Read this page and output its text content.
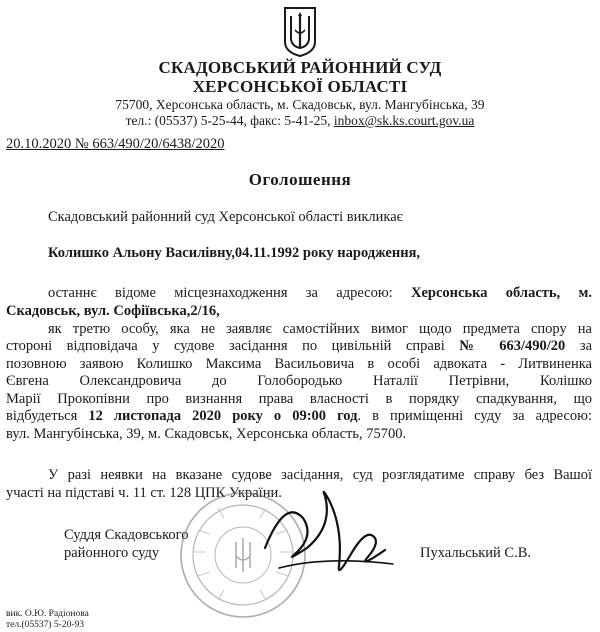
СКАДОВСЬКИЙ РАЙОННИЙ СУД
ХЕРСОНСЬКОЇ ОБЛАСТІ
75700, Херсонська область, м. Скадовськ, вул. Мангубінська, 39
тел.: (05537) 5-25-44, факс: 5-41-25, inbox@sk.ks.court.gov.ua
20.10.2020 № 663/490/20/6438/2020
Оголошення
Скадовський районний суд Херсонської області викликає
Колишко Альону Василівну,04.11.1992 року народження,
останнє відоме місцезнаходження за адресою: Херсонська область, м.
Скадовськ, вул. Софіївська,2/16,
як третю особу, яка не заявляє самостійних вимог щодо предмета спору на
стороні відповідача у судове засідання по цивільній справі № 663/490/20 за
позовною заявою Колишко Максима Васильовича в особі адвоката - Литвиненка
Євгена Олександровича до Голобородько Наталії Петрівни, Колішко
Марії Прокопівни про визнання права власності в порядку спадкування, що
відбудеться 12 листопада 2020 року о 09:00 год. в приміщенні суду за адресою:
вул. Мангубінська, 39, м. Скадовськ, Херсонська область, 75700.
У разі неявки на вказане судове засідання, суд розглядатиме справу без Вашої
участі на підставі ч. 11 ст. 128 ЦПК України.
Суддя Скадовського
районного суду	Пухальський С.В.
вик. О.Ю. Радіонова
тел.(05537) 5-20-93
